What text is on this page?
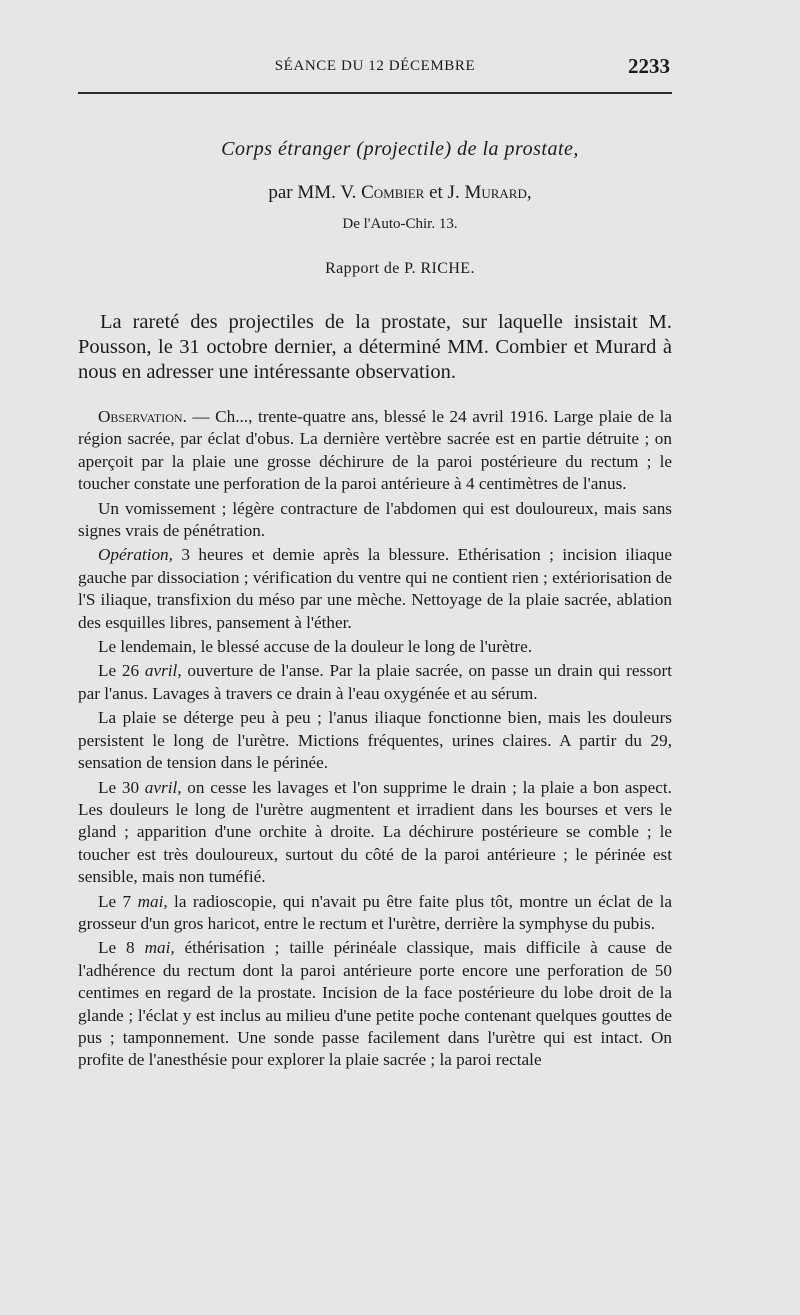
SÉANCE DU 12 DÉCEMBRE	2233
Corps étranger (projectile) de la prostate,
par MM. V. Combier et J. Murard,
De l'Auto-Chir. 13.
Rapport de P. RICHE.

La rareté des projectiles de la prostate, sur laquelle insistait M. Pousson, le 31 octobre dernier, a déterminé MM. Combier et Murard à nous en adresser une intéressante observation.

Observation. — Ch..., trente-quatre ans, blessé le 24 avril 1916. Large plaie de la région sacrée, par éclat d'obus. La dernière vertèbre sacrée est en partie détruite ; on aperçoit par la plaie une grosse déchirure de la paroi postérieure du rectum ; le toucher constate une perforation de la paroi antérieure à 4 centimètres de l'anus.

Un vomissement ; légère contracture de l'abdomen qui est douloureux, mais sans signes vrais de pénétration.

Opération, 3 heures et demie après la blessure. Ethérisation ; incision iliaque gauche par dissociation ; vérification du ventre qui ne contient rien ; extériorisation de l'S iliaque, transfixion du méso par une mèche. Nettoyage de la plaie sacrée, ablation des esquilles libres, pansement à l'éther.

Le lendemain, le blessé accuse de la douleur le long de l'urètre.

Le 26 avril, ouverture de l'anse. Par la plaie sacrée, on passe un drain qui ressort par l'anus. Lavages à travers ce drain à l'eau oxygénée et au sérum.

La plaie se déterge peu à peu ; l'anus iliaque fonctionne bien, mais les douleurs persistent le long de l'urètre. Mictions fréquentes, urines claires. A partir du 29, sensation de tension dans le périnée.

Le 30 avril, on cesse les lavages et l'on supprime le drain ; la plaie a bon aspect. Les douleurs le long de l'urètre augmentent et irradient dans les bourses et vers le gland ; apparition d'une orchite à droite. La déchirure postérieure se comble ; le toucher est très douloureux, surtout du côté de la paroi antérieure ; le périnée est sensible, mais non tuméfié.

Le 7 mai, la radioscopie, qui n'avait pu être faite plus tôt, montre un éclat de la grosseur d'un gros haricot, entre le rectum et l'urètre, derrière la symphyse du pubis.

Le 8 mai, éthérisation ; taille périnéale classique, mais difficile à cause de l'adhérence du rectum dont la paroi antérieure porte encore une perforation de 50 centimes en regard de la prostate. Incision de la face postérieure du lobe droit de la glande ; l'éclat y est inclus au milieu d'une petite poche contenant quelques gouttes de pus ; tamponnement. Une sonde passe facilement dans l'urètre qui est intact. On profite de l'anesthésie pour explorer la plaie sacrée ; la paroi rectale
